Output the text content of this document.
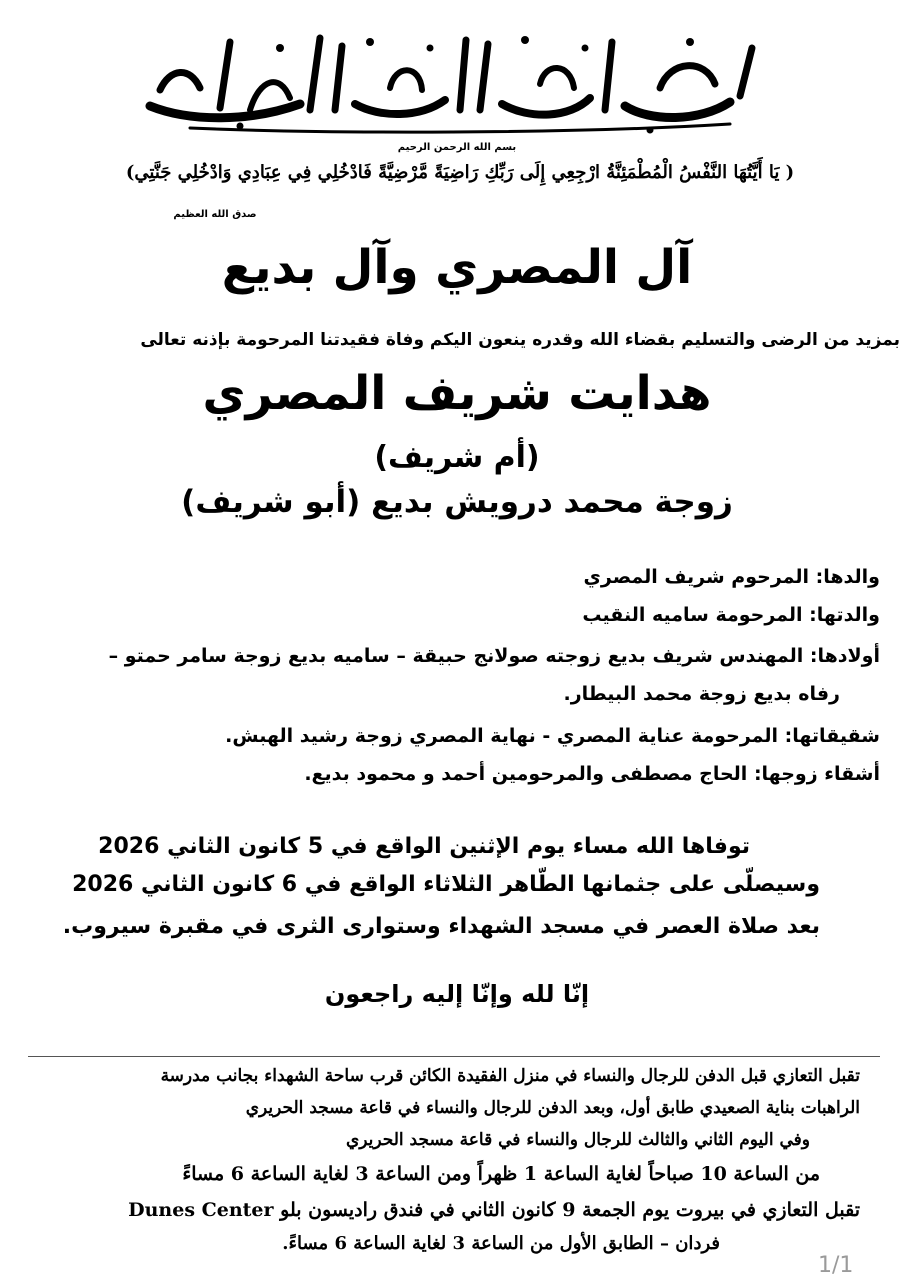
بسم الله الرحمن الرحيم
( يَا أَيَّتُهَا النَّفْسُ الْمُطْمَئِنَّةُ ارْجِعِي إِلَى رَبِّكِ رَاضِيَةً مَّرْضِيَّةً فَادْخُلِي فِي عِبَادِي وَادْخُلِي جَنَّتِي)
صدق الله العظيم
آل المصري وآل بديع
بمزيد من الرضى والتسليم بقضاء الله وقدره ينعون اليكم وفاة فقيدتنا المرحومة بإذنه تعالى
هدايت شريف المصري
(أم شريف)
زوجة محمد درويش بديع (أبو شريف)
والدها: المرحوم شريف المصري
والدتها: المرحومة ساميه النقيب
أولادها: المهندس شريف بديع زوجته صولانج حبيقة – ساميه بديع زوجة سامر حمتو –
رفاه بديع زوجة محمد البيطار.
شقيقاتها: المرحومة عناية المصري - نهاية المصري زوجة رشيد الهبش.
أشقاء زوجها: الحاج مصطفى والمرحومين أحمد و محمود بديع.
توفاها الله مساء يوم الإثنين الواقع في 5 كانون الثاني 2026
وسيصلّى على جثمانها الطّاهر الثلاثاء الواقع في 6 كانون الثاني 2026
بعد صلاة العصر في مسجد الشهداء وستوارى الثرى في مقبرة سيروب.
إنّا لله وإنّا إليه راجعون
تقبل التعازي قبل الدفن للرجال والنساء في منزل الفقيدة الكائن قرب ساحة الشهداء بجانب مدرسة
الراهبات بناية الصعيدي طابق أول، وبعد الدفن للرجال والنساء في قاعة مسجد الحريري
وفي اليوم الثاني والثالث للرجال والنساء في قاعة مسجد الحريري
من الساعة 10 صباحاً لغاية الساعة 1 ظهراً ومن الساعة 3 لغاية الساعة 6 مساءً
تقبل التعازي في بيروت يوم الجمعة 9 كانون الثاني في فندق راديسون بلو Dunes Center
فردان – الطابق الأول من الساعة 3 لغاية الساعة 6 مساءً.
1/1
